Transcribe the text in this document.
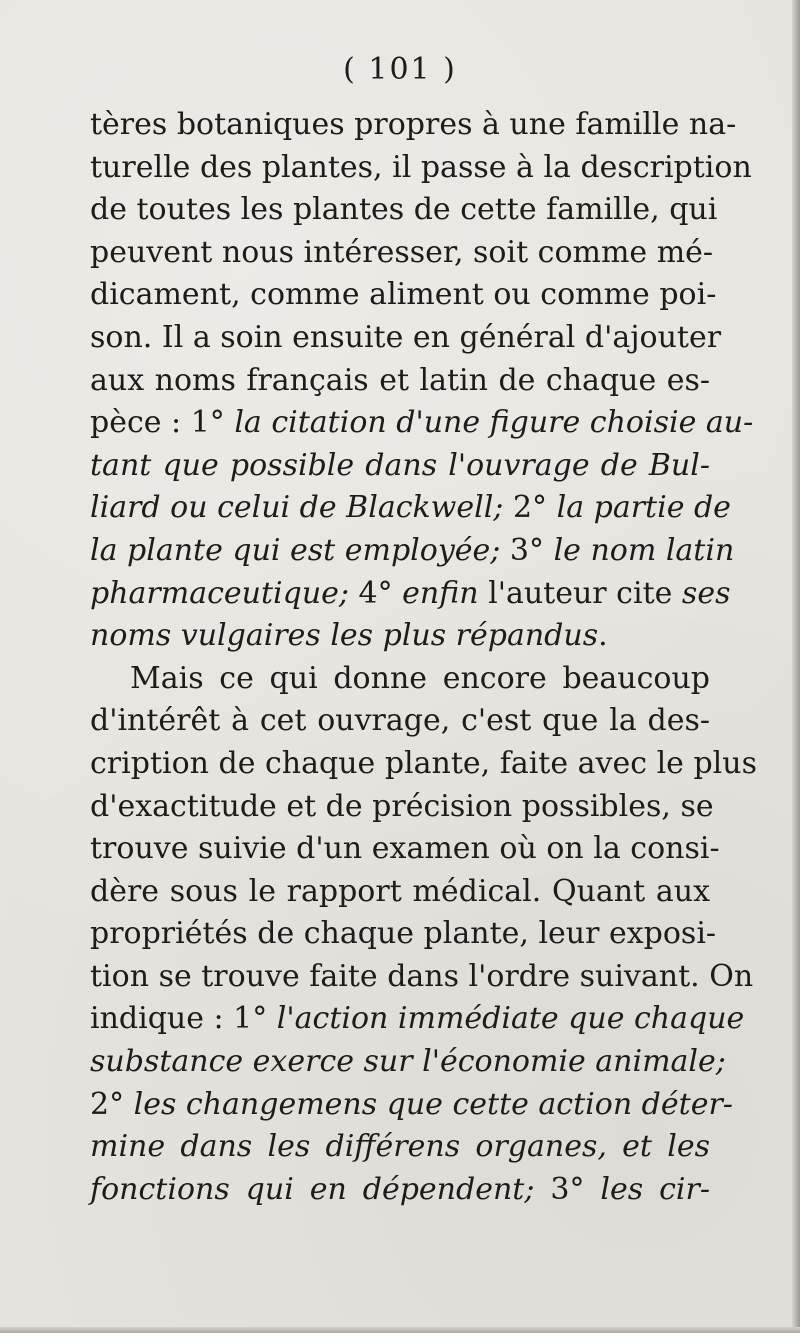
( 101 )
tères botaniques propres à une famille na-
turelle des plantes, il passe à la description
de toutes les plantes de cette famille, qui
peuvent nous intéresser, soit comme mé-
dicament, comme aliment ou comme poi-
son. Il a soin ensuite en général d'ajouter
aux noms français et latin de chaque es-
pèce : 1° la citation d'une figure choisie au-
tant que possible dans l'ouvrage de Bul-
liard ou celui de Blackwell; 2° la partie de
la plante qui est employée; 3° le nom latin
pharmaceutique; 4° enfin l'auteur cite ses
noms vulgaires les plus répandus.
Mais ce qui donne encore beaucoup
d'intérêt à cet ouvrage, c'est que la des-
cription de chaque plante, faite avec le plus
d'exactitude et de précision possibles, se
trouve suivie d'un examen où on la consi-
dère sous le rapport médical. Quant aux
propriétés de chaque plante, leur exposi-
tion se trouve faite dans l'ordre suivant. On
indique : 1° l'action immédiate que chaque
substance exerce sur l'économie animale;
2° les changemens que cette action déter-
mine dans les différens organes, et les
fonctions qui en dépendent; 3° les cir-
